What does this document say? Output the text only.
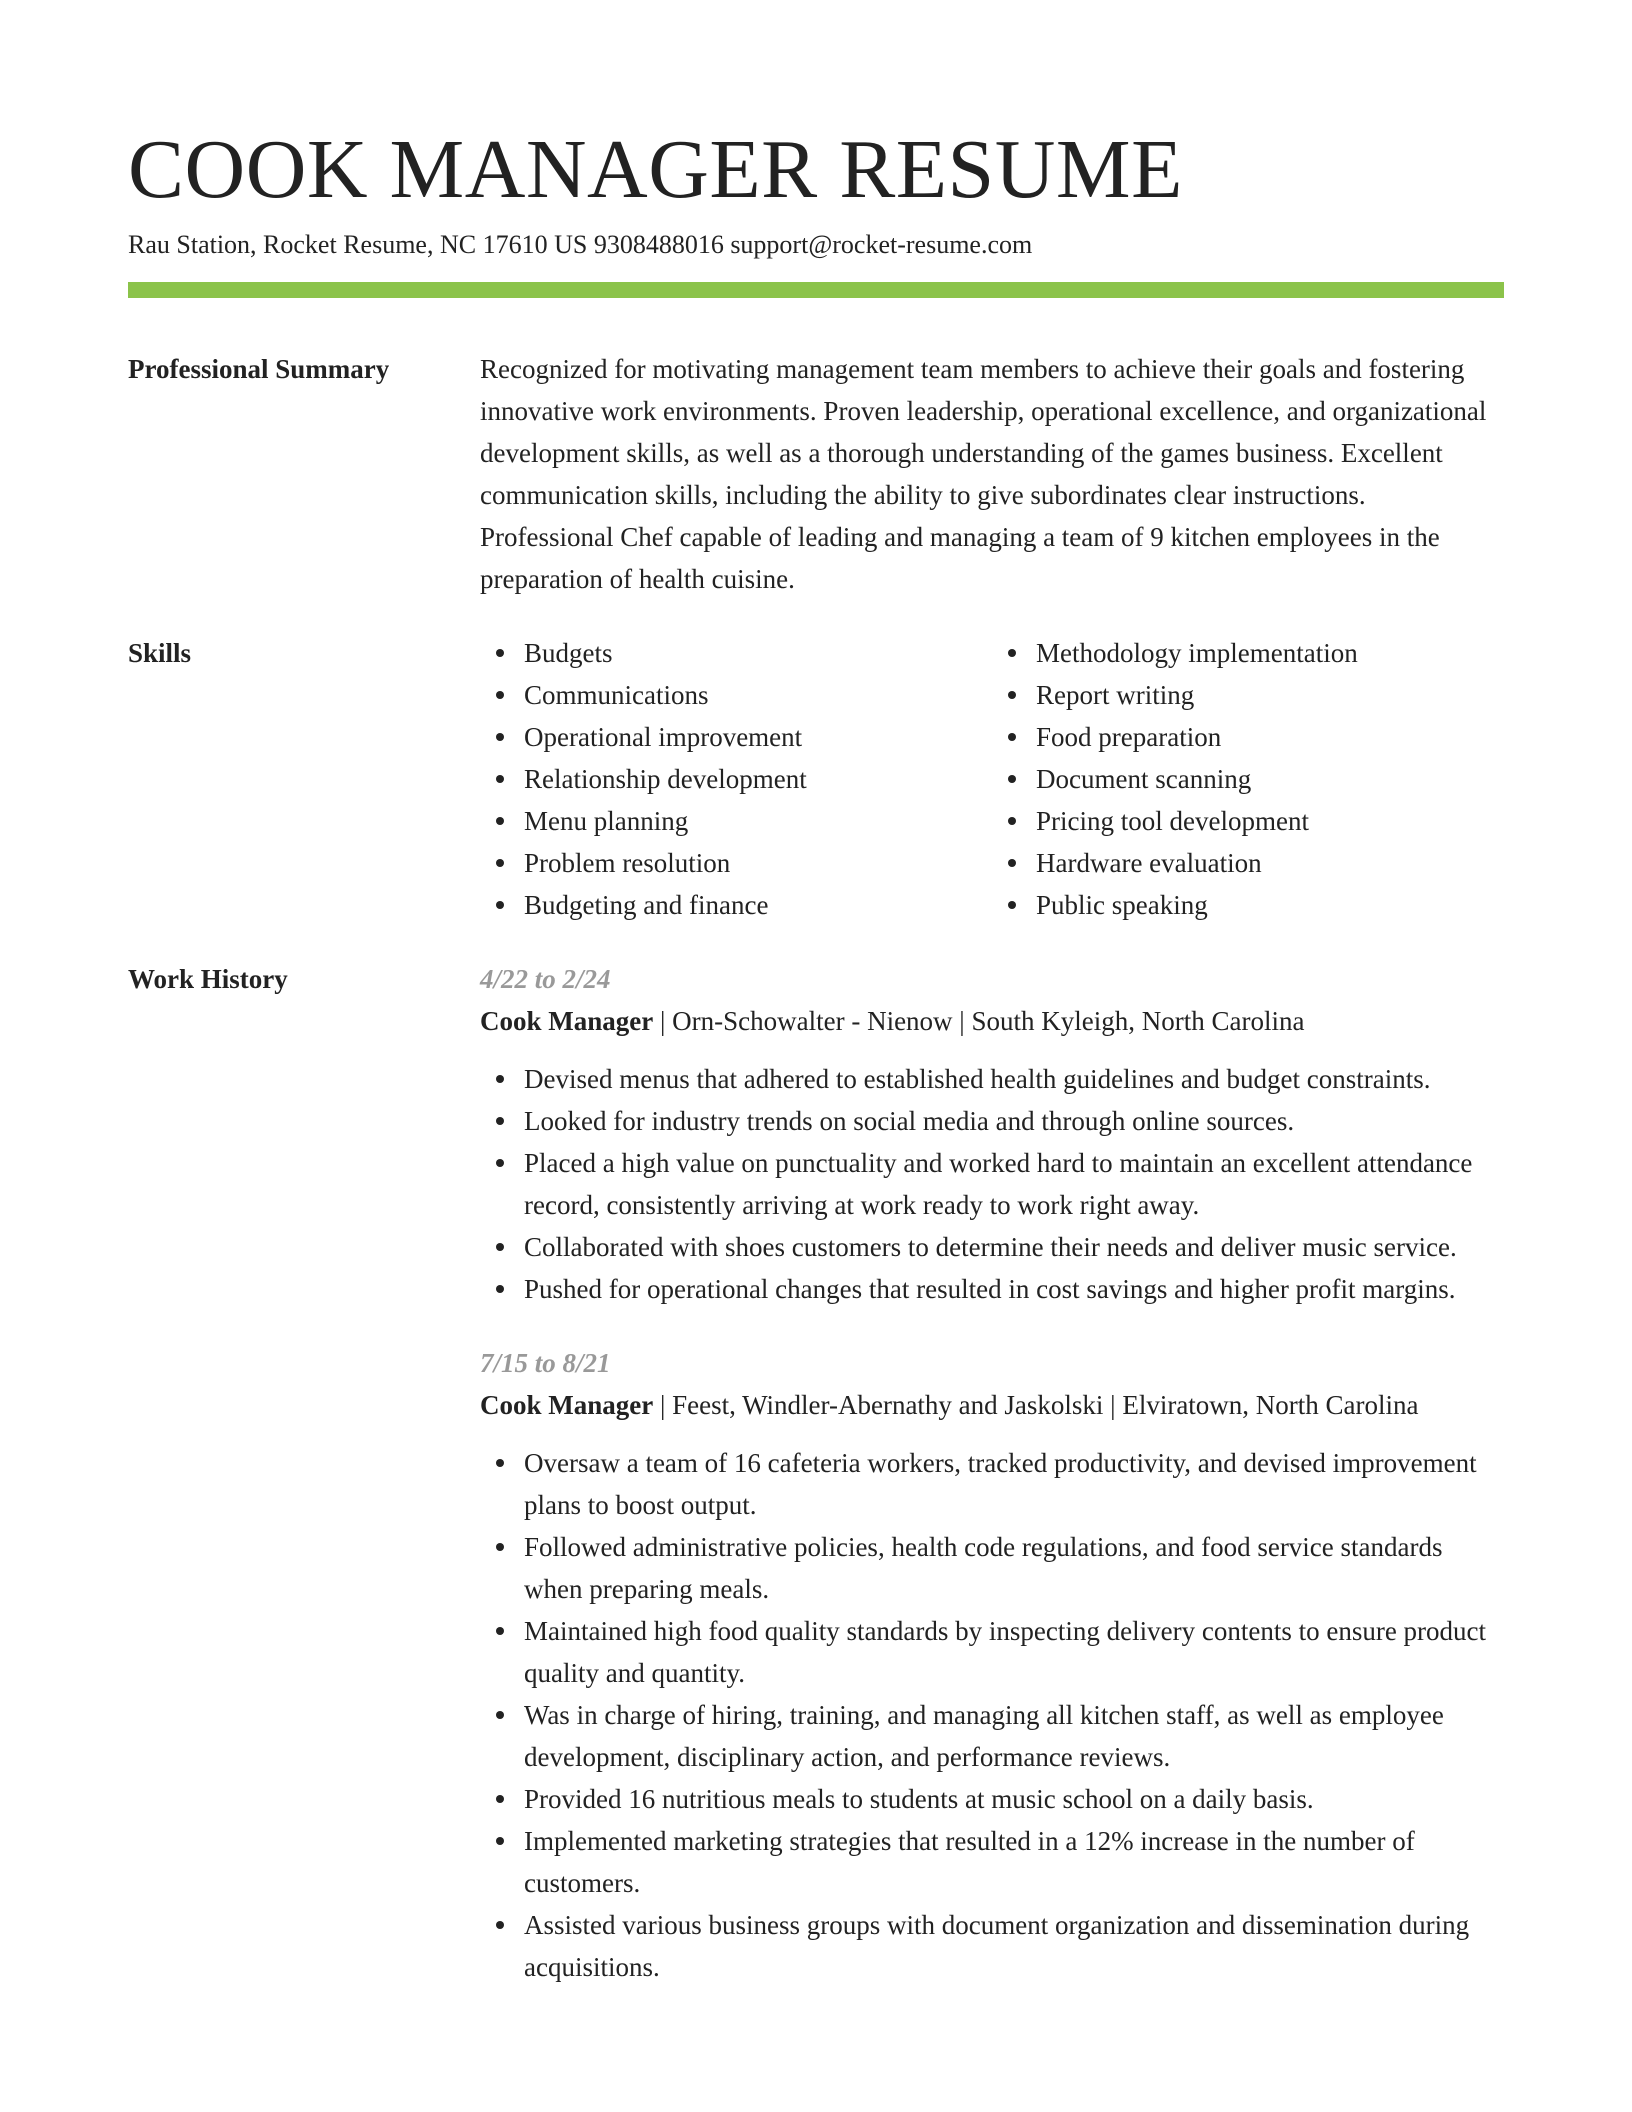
COOK MANAGER RESUME
Rau Station, Rocket Resume, NC 17610 US 9308488016 support@rocket-resume.com
Professional Summary	Recognized for motivating management team members to achieve their goals and fostering innovative work environments. Proven leadership, operational excellence, and organizational development skills, as well as a thorough understanding of the games business. Excellent communication skills, including the ability to give subordinates clear instructions. Professional Chef capable of leading and managing a team of 9 kitchen employees in the preparation of health cuisine.
Skills	Budgets
Communications
Operational improvement
Relationship development
Menu planning
Problem resolution
Budgeting and finance
Methodology implementation
Report writing
Food preparation
Document scanning
Pricing tool development
Hardware evaluation
Public speaking
Work History	4/22 to 2/24
Cook Manager | Orn-Schowalter - Nienow | South Kyleigh, North Carolina
Devised menus that adhered to established health guidelines and budget constraints.
Looked for industry trends on social media and through online sources.
Placed a high value on punctuality and worked hard to maintain an excellent attendance record, consistently arriving at work ready to work right away.
Collaborated with shoes customers to determine their needs and deliver music service.
Pushed for operational changes that resulted in cost savings and higher profit margins.
7/15 to 8/21
Cook Manager | Feest, Windler-Abernathy and Jaskolski | Elviratown, North Carolina
Oversaw a team of 16 cafeteria workers, tracked productivity, and devised improvement plans to boost output.
Followed administrative policies, health code regulations, and food service standards when preparing meals.
Maintained high food quality standards by inspecting delivery contents to ensure product quality and quantity.
Was in charge of hiring, training, and managing all kitchen staff, as well as employee development, disciplinary action, and performance reviews.
Provided 16 nutritious meals to students at music school on a daily basis.
Implemented marketing strategies that resulted in a 12% increase in the number of customers.
Assisted various business groups with document organization and dissemination during acquisitions.
